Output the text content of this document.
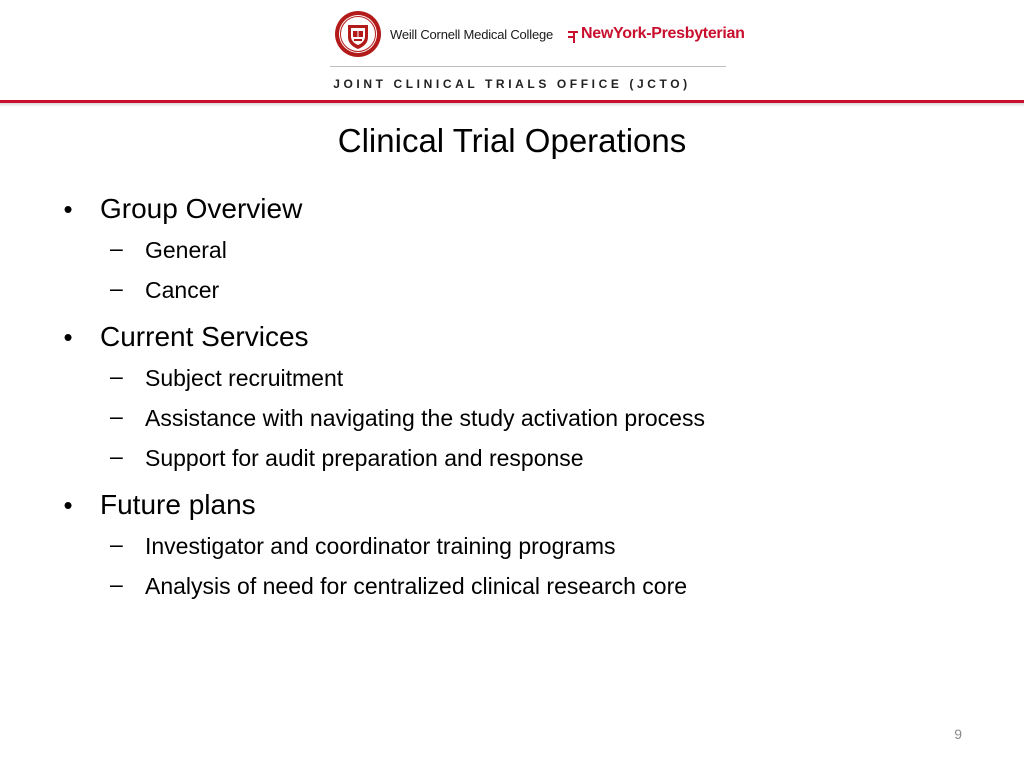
Weill Cornell Medical College NewYork-Presbyterian
JOINT CLINICAL TRIALS OFFICE (JCTO)
Clinical Trial Operations
• Group Overview
– General
– Cancer
• Current Services
– Subject recruitment
– Assistance with navigating the study activation process
– Support for audit preparation and response
• Future plans
– Investigator and coordinator training programs
– Analysis of need for centralized clinical research core
9
